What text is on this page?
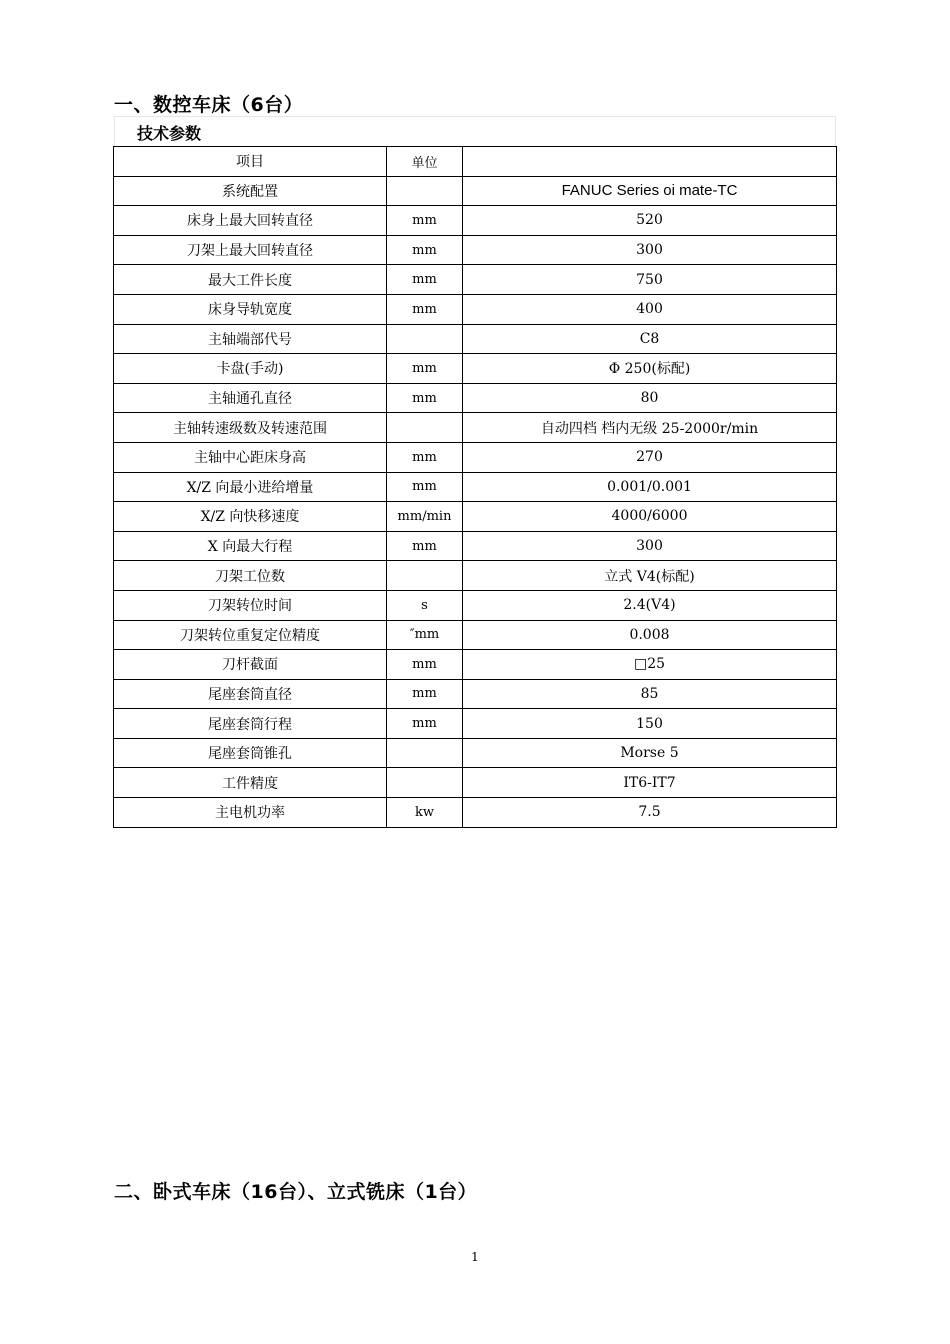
一、数控车床（6台）
技术参数
项目	单位	
系统配置		FANUC Series oi mate-TC
床身上最大回转直径	mm	520
刀架上最大回转直径	mm	300
最大工件长度	mm	750
床身导轨宽度	mm	400
主轴端部代号		C8
卡盘(手动)	mm	Φ 250(标配)
主轴通孔直径	mm	80
主轴转速级数及转速范围		自动四档 档内无级 25-2000r/min
主轴中心距床身高	mm	270
X/Z 向最小进给增量	mm	0.001/0.001
X/Z 向快移速度	mm/min	4000/6000
X 向最大行程	mm	300
刀架工位数		立式 V4(标配)
刀架转位时间	s	2.4(V4)
刀架转位重复定位精度	″mm	0.008
刀杆截面	mm	□25
尾座套筒直径	mm	85
尾座套筒行程	mm	150
尾座套筒锥孔		Morse 5
工件精度		IT6-IT7
主电机功率	kw	7.5
二、卧式车床（16台）、立式铣床（1台）
1
